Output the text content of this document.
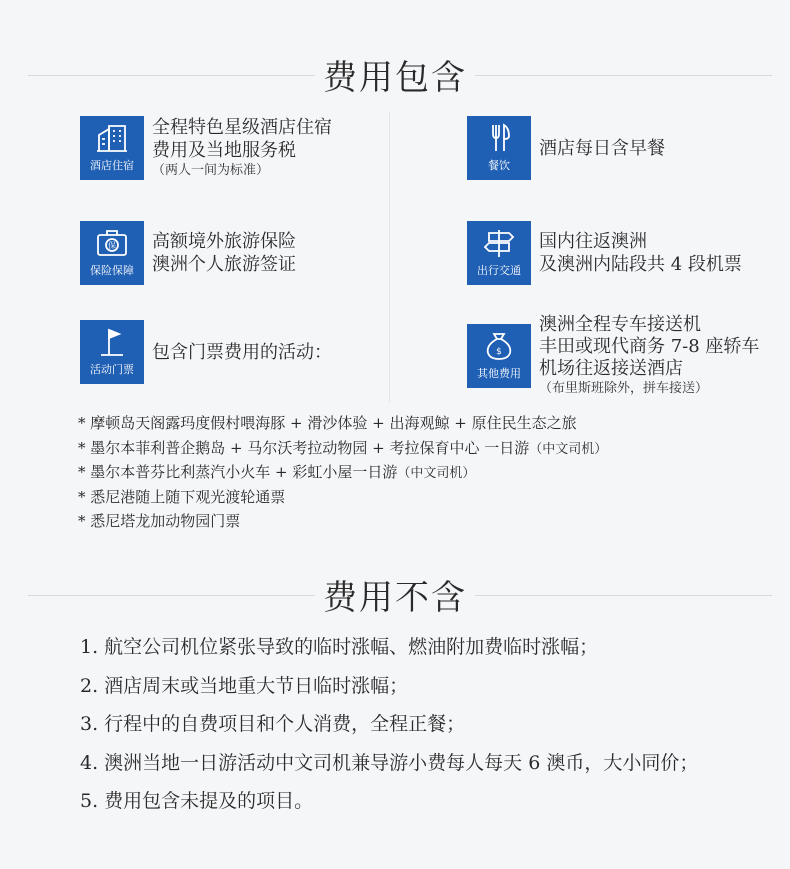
费用包含
酒店住宿
全程特色星级酒店住宿
费用及当地服务税
（两人一间为标准）	餐饮
酒店每日含早餐
保
保险保障
高额境外旅游保险
澳洲个人旅游签证	出行交通
国内往返澳洲
及澳洲内陆段共 4 段机票
活动门票
包含门票费用的活动：	$
其他费用
澳洲全程专车接送机
丰田或现代商务 7-8 座轿车
机场往返接送酒店
（布里斯班除外，拼车接送）
* 摩顿岛天阁露玛度假村喂海豚 + 滑沙体验 + 出海观鲸 + 原住民生态之旅
* 墨尔本菲利普企鹅岛 + 马尔沃考拉动物园 + 考拉保育中心 一日游（中文司机）
* 墨尔本普芬比利蒸汽小火车 + 彩虹小屋一日游（中文司机）
* 悉尼港随上随下观光渡轮通票
* 悉尼塔龙加动物园门票
费用不含
1. 航空公司机位紧张导致的临时涨幅、燃油附加费临时涨幅；
2. 酒店周末或当地重大节日临时涨幅；
3. 行程中的自费项目和个人消费，全程正餐；
4. 澳洲当地一日游活动中文司机兼导游小费每人每天 6 澳币，大小同价；
5. 费用包含未提及的项目。
